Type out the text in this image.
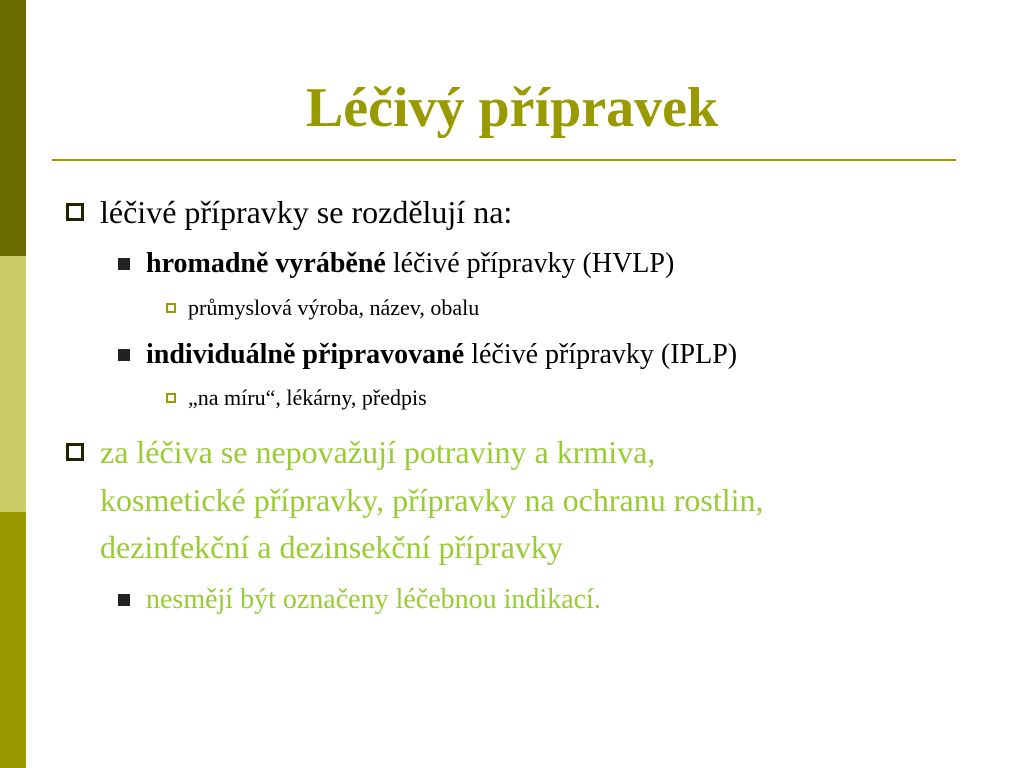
Léčivý přípravek
léčivé přípravky se rozdělují na:
hromadně vyráběné léčivé přípravky (HVLP)
průmyslová výroba, název, obalu
individuálně připravované léčivé přípravky (IPLP)
„na míru“, lékárny, předpis
za léčiva se nepovažují potraviny a krmiva,
kosmetické přípravky, přípravky na ochranu rostlin,
dezinfekční a dezinsekční přípravky
nesmějí být označeny léčebnou indikací.
